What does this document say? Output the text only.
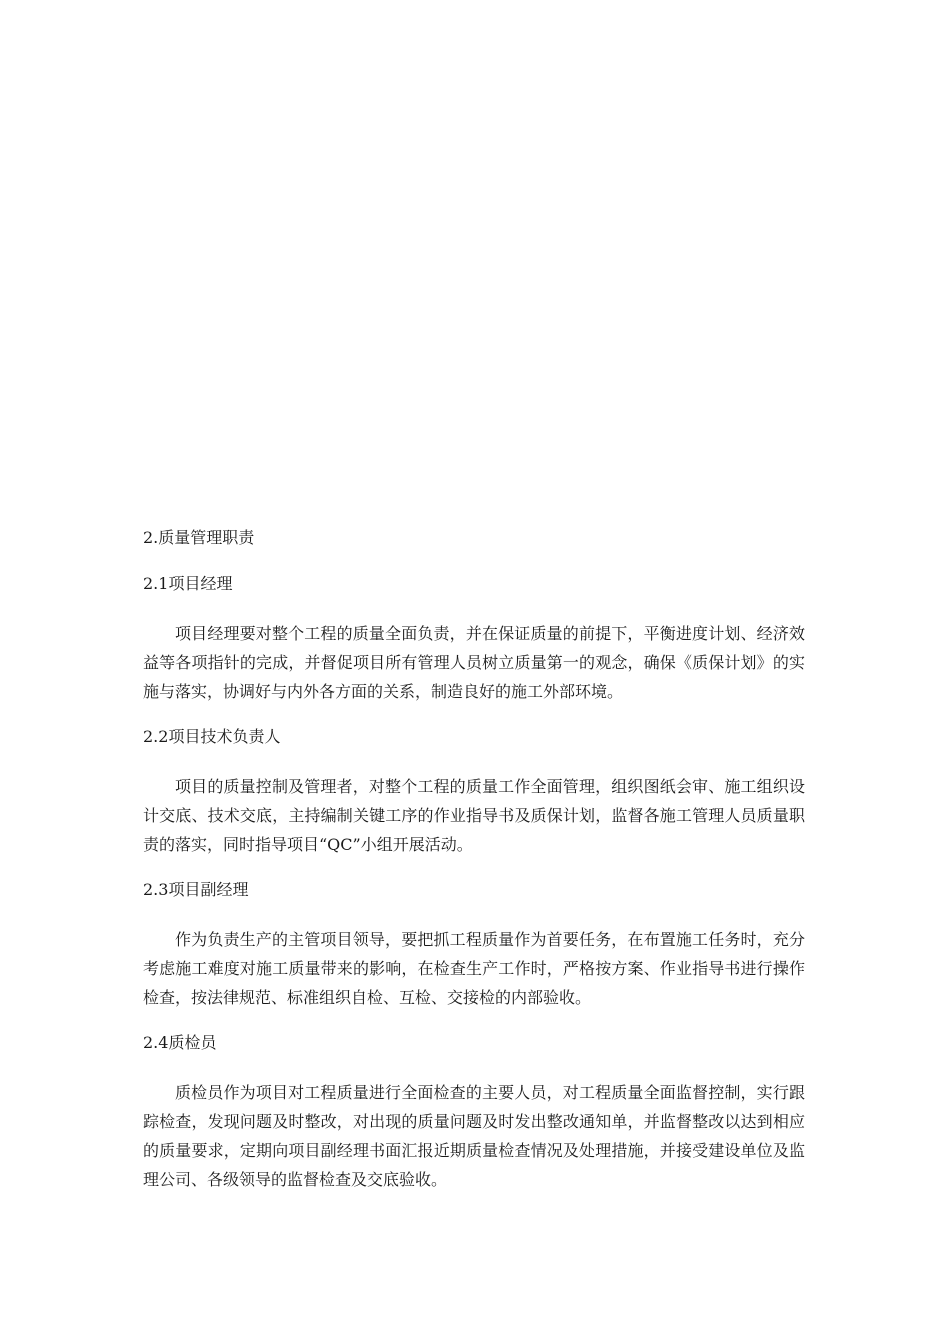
2.质量管理职责
2.1项目经理

项目经理要对整个工程的质量全面负责，并在保证质量的前提下，平衡进度计划、经济效益等各项指针的完成，并督促项目所有管理人员树立质量第一的观念，确保《质保计划》的实施与落实，协调好与内外各方面的关系，制造良好的施工外部环境。

2.2项目技术负责人

项目的质量控制及管理者，对整个工程的质量工作全面管理，组织图纸会审、施工组织设计交底、技术交底，主持编制关键工序的作业指导书及质保计划，监督各施工管理人员质量职责的落实，同时指导项目“QC”小组开展活动。

2.3项目副经理

作为负责生产的主管项目领导，要把抓工程质量作为首要任务，在布置施工任务时，充分考虑施工难度对施工质量带来的影响，在检查生产工作时，严格按方案、作业指导书进行操作检查，按法律规范、标准组织自检、互检、交接检的内部验收。

2.4质检员

质检员作为项目对工程质量进行全面检查的主要人员，对工程质量全面监督控制，实行跟踪检查，发现问题及时整改，对出现的质量问题及时发出整改通知单，并监督整改以达到相应的质量要求，定期向项目副经理书面汇报近期质量检查情况及处理措施，并接受建设单位及监理公司、各级领导的监督检查及交底验收。
